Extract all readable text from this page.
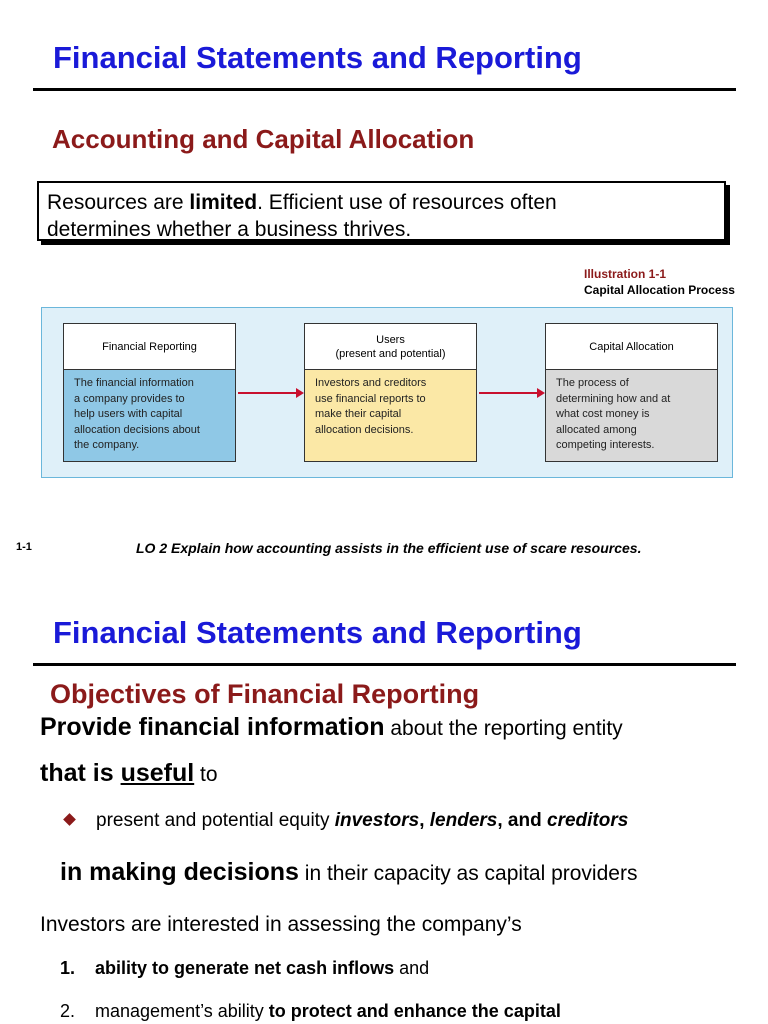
Financial Statements and Reporting
Accounting and Capital Allocation
Resources are limited. Efficient use of resources often
determines whether a business thrives.
Illustration 1-1
Capital Allocation Process
Financial Reporting
The financial information
a company provides to
help users with capital
allocation decisions about
the company.
Users
(present and potential)
Investors and creditors
use financial reports to
make their capital
allocation decisions.
Capital Allocation
The process of
determining how and at
what cost money is
allocated among
competing interests.
1-1	LO 2 Explain how accounting assists in the efficient use of scare resources.
Financial Statements and Reporting
Objectives of Financial Reporting
Provide financial information about the reporting entity
that is useful to
present and potential equity investors, lenders, and creditors
in making decisions in their capacity as capital providers
Investors are interested in assessing the company’s
1. ability to generate net cash inflows and
2. management’s ability to protect and enhance the capital
